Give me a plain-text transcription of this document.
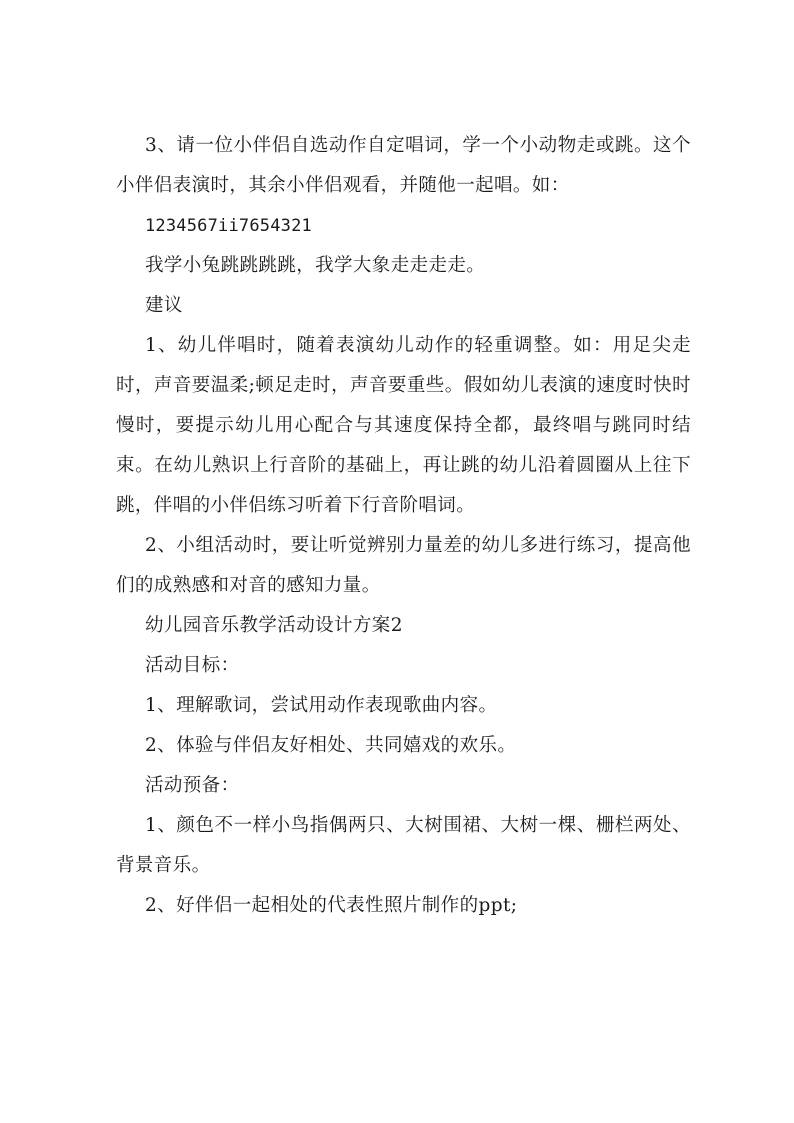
3、请一位小伴侣自选动作自定唱词，学一个小动物走或跳。这个小伴侣表演时，其余小伴侣观看，并随他一起唱。如：

1234567ii7654321

我学小兔跳跳跳跳，我学大象走走走走。

建议

1、幼儿伴唱时，随着表演幼儿动作的轻重调整。如：用足尖走时，声音要温柔;顿足走时，声音要重些。假如幼儿表演的速度时快时慢时，要提示幼儿用心配合与其速度保持全都，最终唱与跳同时结束。在幼儿熟识上行音阶的基础上，再让跳的幼儿沿着圆圈从上往下跳，伴唱的小伴侣练习听着下行音阶唱词。

2、小组活动时，要让听觉辨别力量差的幼儿多进行练习，提高他们的成熟感和对音的感知力量。

幼儿园音乐教学活动设计方案2

活动目标：

1、理解歌词，尝试用动作表现歌曲内容。

2、体验与伴侣友好相处、共同嬉戏的欢乐。

活动预备：

1、颜色不一样小鸟指偶两只、大树围裙、大树一棵、栅栏两处、背景音乐。

2、好伴侣一起相处的代表性照片制作的ppt;
